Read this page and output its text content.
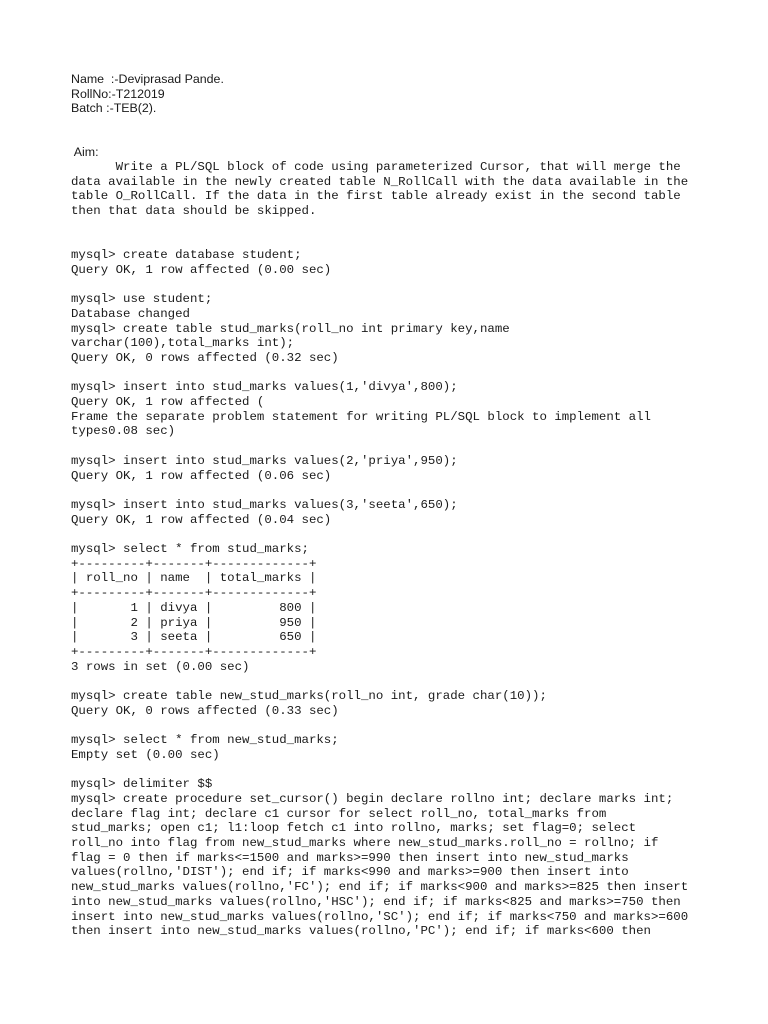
Name  :-Deviprasad Pande.
RollNo:-T212019
Batch :-TEB(2).
Aim:
Write a PL/SQL block of code using parameterized Cursor, that will merge the
data available in the newly created table N_RollCall with the data available in the
table O_RollCall. If the data in the first table already exist in the second table
then that data should be skipped.
mysql> create database student;
Query OK, 1 row affected (0.00 sec)
mysql> use student;
Database changed
mysql> create table stud_marks(roll_no int primary key,name
varchar(100),total_marks int);
Query OK, 0 rows affected (0.32 sec)
mysql> insert into stud_marks values(1,'divya',800);
Query OK, 1 row affected (
Frame the separate problem statement for writing PL/SQL block to implement all
types0.08 sec)
mysql> insert into stud_marks values(2,'priya',950);
Query OK, 1 row affected (0.06 sec)
mysql> insert into stud_marks values(3,'seeta',650);
Query OK, 1 row affected (0.04 sec)
mysql> select * from stud_marks;
+---------+-------+-------------+
| roll_no | name  | total_marks |
+---------+-------+-------------+
|       1 | divya |         800 |
|       2 | priya |         950 |
|       3 | seeta |         650 |
+---------+-------+-------------+
3 rows in set (0.00 sec)
mysql> create table new_stud_marks(roll_no int, grade char(10));
Query OK, 0 rows affected (0.33 sec)
mysql> select * from new_stud_marks;
Empty set (0.00 sec)
mysql> delimiter $$
mysql> create procedure set_cursor() begin declare rollno int; declare marks int;
declare flag int; declare c1 cursor for select roll_no, total_marks from
stud_marks; open c1; l1:loop fetch c1 into rollno, marks; set flag=0; select
roll_no into flag from new_stud_marks where new_stud_marks.roll_no = rollno; if
flag = 0 then if marks<=1500 and marks>=990 then insert into new_stud_marks
values(rollno,'DIST'); end if; if marks<990 and marks>=900 then insert into
new_stud_marks values(rollno,'FC'); end if; if marks<900 and marks>=825 then insert
into new_stud_marks values(rollno,'HSC'); end if; if marks<825 and marks>=750 then
insert into new_stud_marks values(rollno,'SC'); end if; if marks<750 and marks>=600
then insert into new_stud_marks values(rollno,'PC'); end if; if marks<600 then
